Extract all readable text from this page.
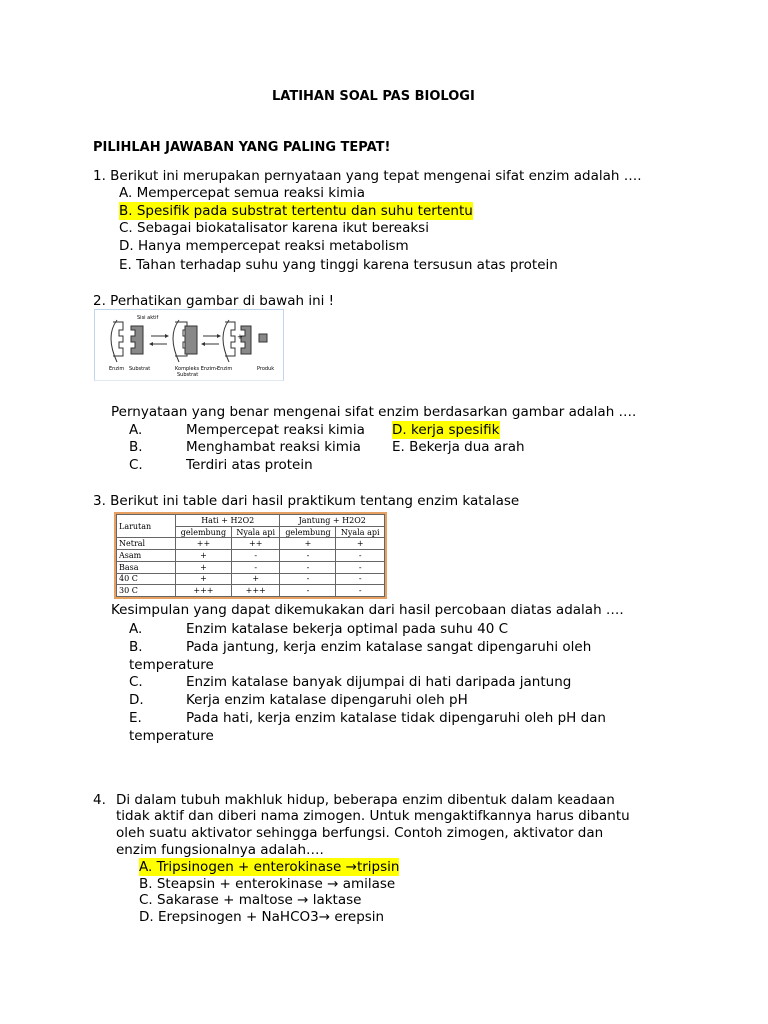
LATIHAN SOAL PAS BIOLOGI
PILIHLAH JAWABAN YANG PALING TEPAT!
1. Berikut ini merupakan pernyataan yang tepat mengenai sifat enzim adalah ….
A. Mempercepat semua reaksi kimia
B. Spesifik pada substrat tertentu dan suhu tertentu
C. Sebagai biokatalisator karena ikut bereaksi
D. Hanya mempercepat reaksi metabolism
E. Tahan terhadap suhu yang tinggi karena tersusun atas protein
2. Perhatikan gambar di bawah ini !
Sisi aktif
+
Enzim Substrat	Kompleks Enzim-
Substrat
Enzim	Produk
Pernyataan yang benar mengenai sifat enzim berdasarkan gambar adalah ….
A.	Mempercepat reaksi kimia D. kerja spesifik
B.	Menghambat reaksi kimia E. Bekerja dua arah
C.	Terdiri atas protein
3. Berikut ini table dari hasil praktikum tentang enzim katalase
Larutan	Hati + H2O2		Jantung + H2O2	
	gelembung	Nyala api	gelembung	Nyala api
Netral	++	++	+	+
Asam	+	-	-	-
Basa	+	-	-	-
40 C	+	+	-	-
30 C	+++	+++	-	-
Kesimpulan yang dapat dikemukakan dari hasil percobaan diatas adalah ….
A.	Enzim katalase bekerja optimal pada suhu 40 C
B.	Pada jantung, kerja enzim katalase sangat dipengaruhi oleh
temperature
C.	Enzim katalase banyak dijumpai di hati daripada jantung
D.	Kerja enzim katalase dipengaruhi oleh pH
E.	Pada hati, kerja enzim katalase tidak dipengaruhi oleh pH dan
temperature
4. Di dalam tubuh makhluk hidup, beberapa enzim dibentuk dalam keadaan
tidak aktif dan diberi nama zimogen. Untuk mengaktifkannya harus dibantu
oleh suatu aktivator sehingga berfungsi. Contoh zimogen, aktivator dan
enzim fungsionalnya adalah….
A. Tripsinogen + enterokinase →tripsin
B. Steapsin + enterokinase → amilase
C. Sakarase + maltose → laktase
D. Erepsinogen + NaHCO3→ erepsin
